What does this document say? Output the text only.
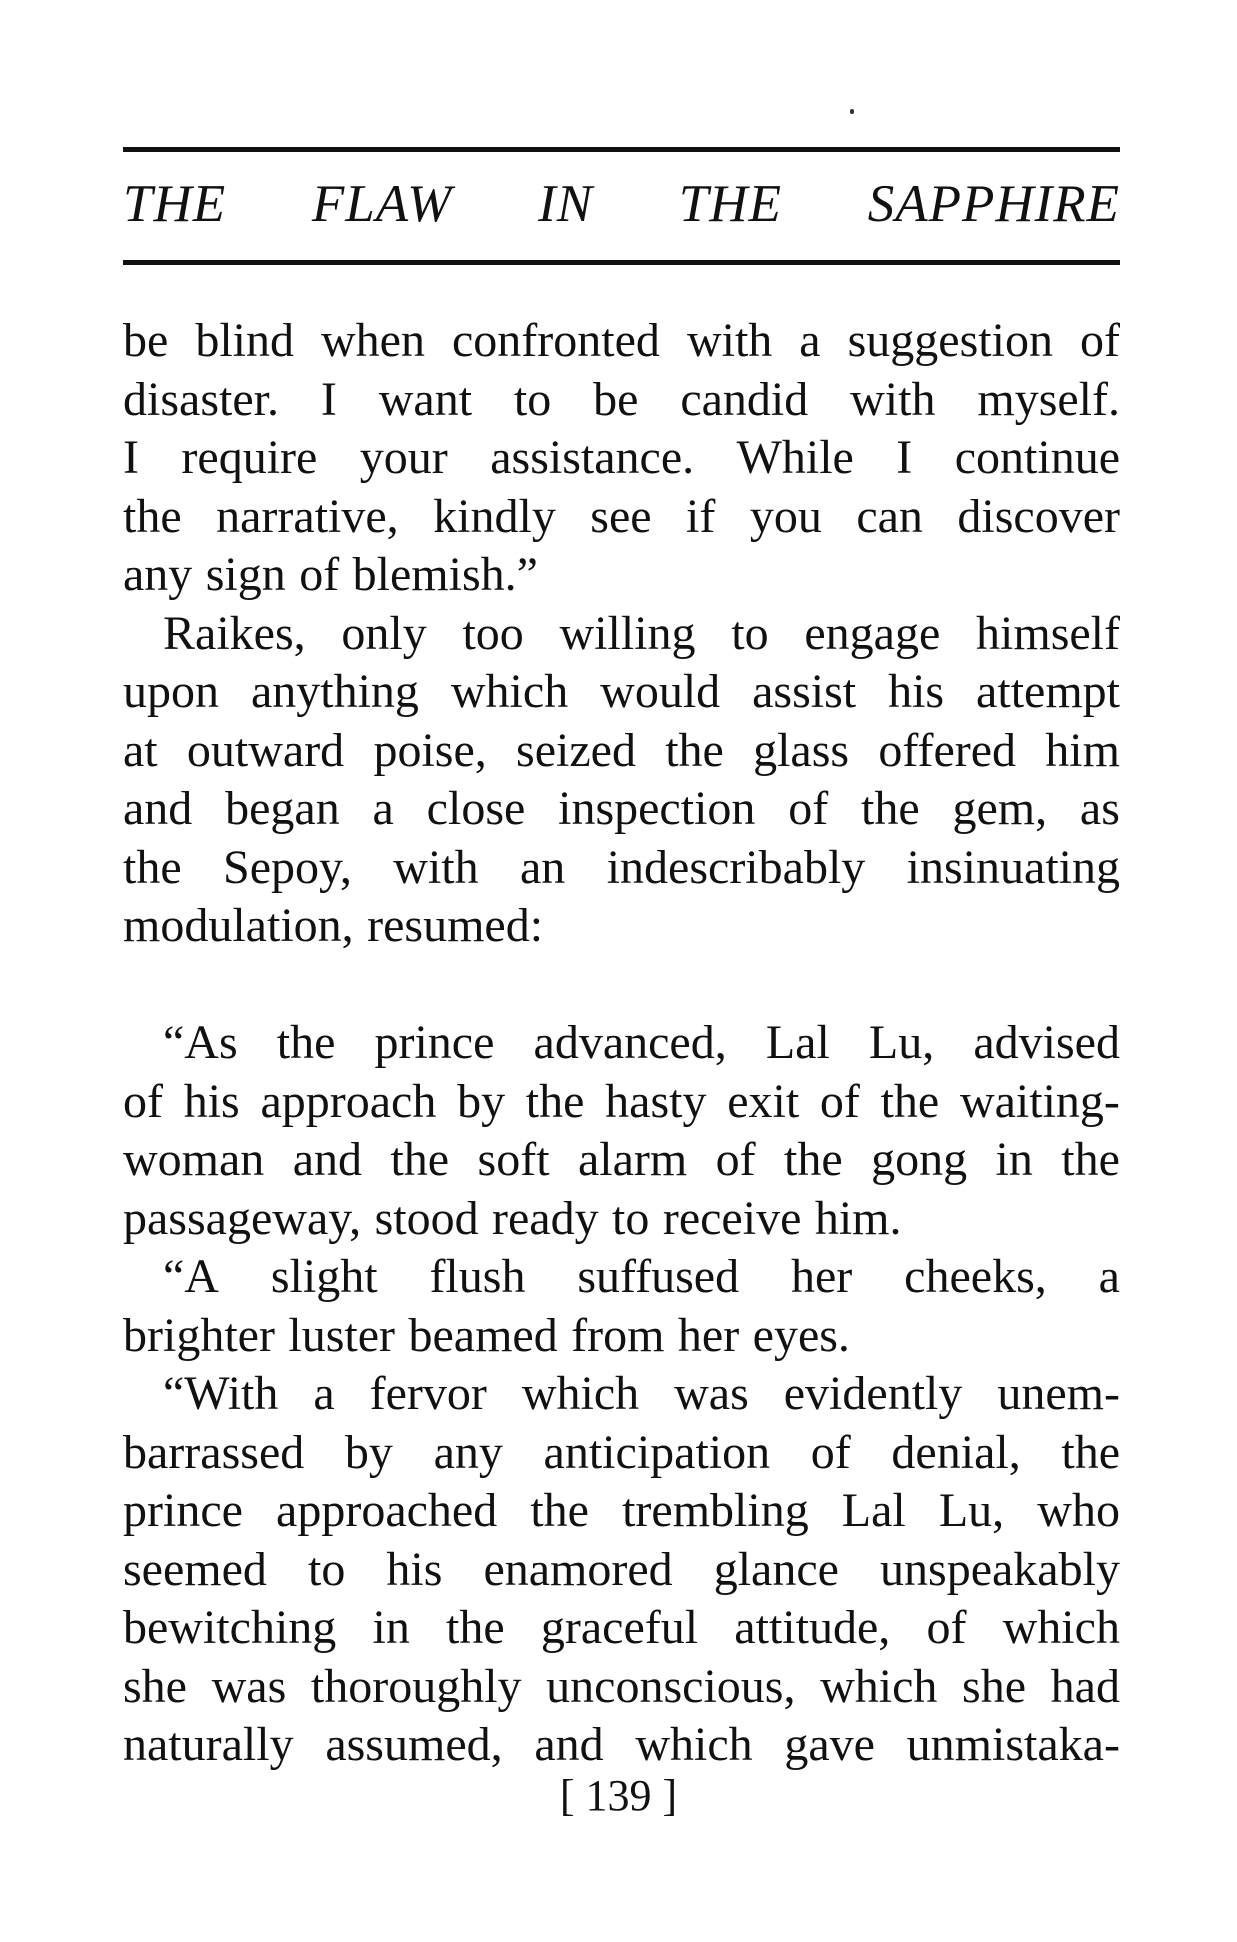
THE FLAW IN THE SAPPHIRE
be blind when confronted with a suggestion of
disaster. I want to be candid with myself.
I require your assistance. While I continue
the narrative, kindly see if you can discover
any sign of blemish.”
Raikes, only too willing to engage himself
upon anything which would assist his attempt
at outward poise, seized the glass offered him
and began a close inspection of the gem, as
the Sepoy, with an indescribably insinuating
modulation, resumed:
“As the prince advanced, Lal Lu, advised
of his approach by the hasty exit of the waiting-
woman and the soft alarm of the gong in the
passageway, stood ready to receive him.
“A slight flush suffused her cheeks, a
brighter luster beamed from her eyes.
“With a fervor which was evidently unem-
barrassed by any anticipation of denial, the
prince approached the trembling Lal Lu, who
seemed to his enamored glance unspeakably
bewitching in the graceful attitude, of which
she was thoroughly unconscious, which she had
naturally assumed, and which gave unmistaka-
[ 139 ]
